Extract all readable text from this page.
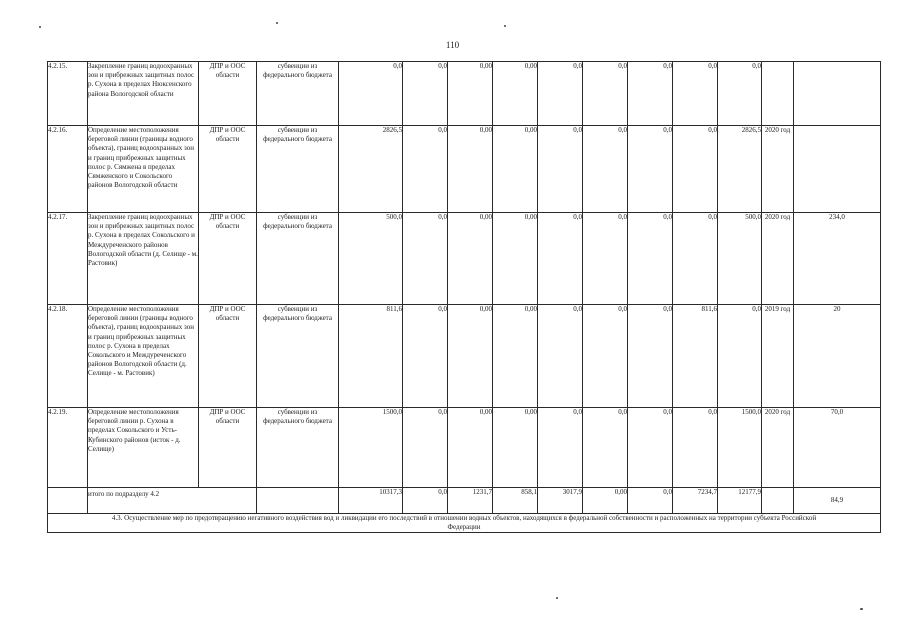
110
4.2.15.	Закрепление границ водоохранных зон и прибрежных защитных полос р. Сухона в пределах Нюксенского района Вологодской области	ДПР и ООС области	субвенции из федерального бюджета	0,0	0,0	0,00	0,00	0,0	0,0	0,0	0,0	0,0			
4.2.16.	Определение местоположения береговой линии (границы водного объекта), границ водоохранных зон и границ прибрежных защитных полос р. Сямжена в пределах Сямженского и Сокольского районов Вологодской области	ДПР и ООС области	субвенции из федерального бюджета	2826,5	0,0	0,00	0,00	0,0	0,0	0,0	0,0	2826,5	2020 год		
4.2.17.	Закрепление границ водоохранных зон и прибрежных защитных полос р. Сухона в пределах Сокольского и Междуреченского районов Вологодской области (д. Селище - м. Растовик)	ДПР и ООС области	субвенции из федерального бюджета	500,0	0,0	0,00	0,00	0,0	0,0	0,0	0,0	500,0	2020 год	234,0	
4.2.18.	Определение местоположения береговой линии (границы водного объекта), границ водоохранных зон и границ прибрежных защитных полос р. Сухона в пределах Сокольского и Междуреченского районов Вологодской области (д. Селище - м. Растовик)	ДПР и ООС области	субвенции из федерального бюджета	811,6	0,0	0,00	0,00	0,0	0,0	0,0	811,6	0,0	2019 год	20	
4.2.19.	Определение местоположения береговой линии р. Сухона в пределах Сокольского и Усть-Кубинского районов (исток - д. Селище)	ДПР и ООС области	субвенции из федерального бюджета	1500,0	0,0	0,00	0,00	0,0	0,0	0,0	0,0	1500,0	2020 год	70,0	
	итого по подразделу 4.2			10317,3	0,0	1231,7	858,1	3017,9	0,00	0,0	7234,7	12177,9		84,9	

4.3. Осуществление мер по предотвращению негативного воздействия вод и ликвидации его последствий в отношении водных объектов, находящихся в федеральной собственности и расположенных на территории субъекта Российской
Федерации															
